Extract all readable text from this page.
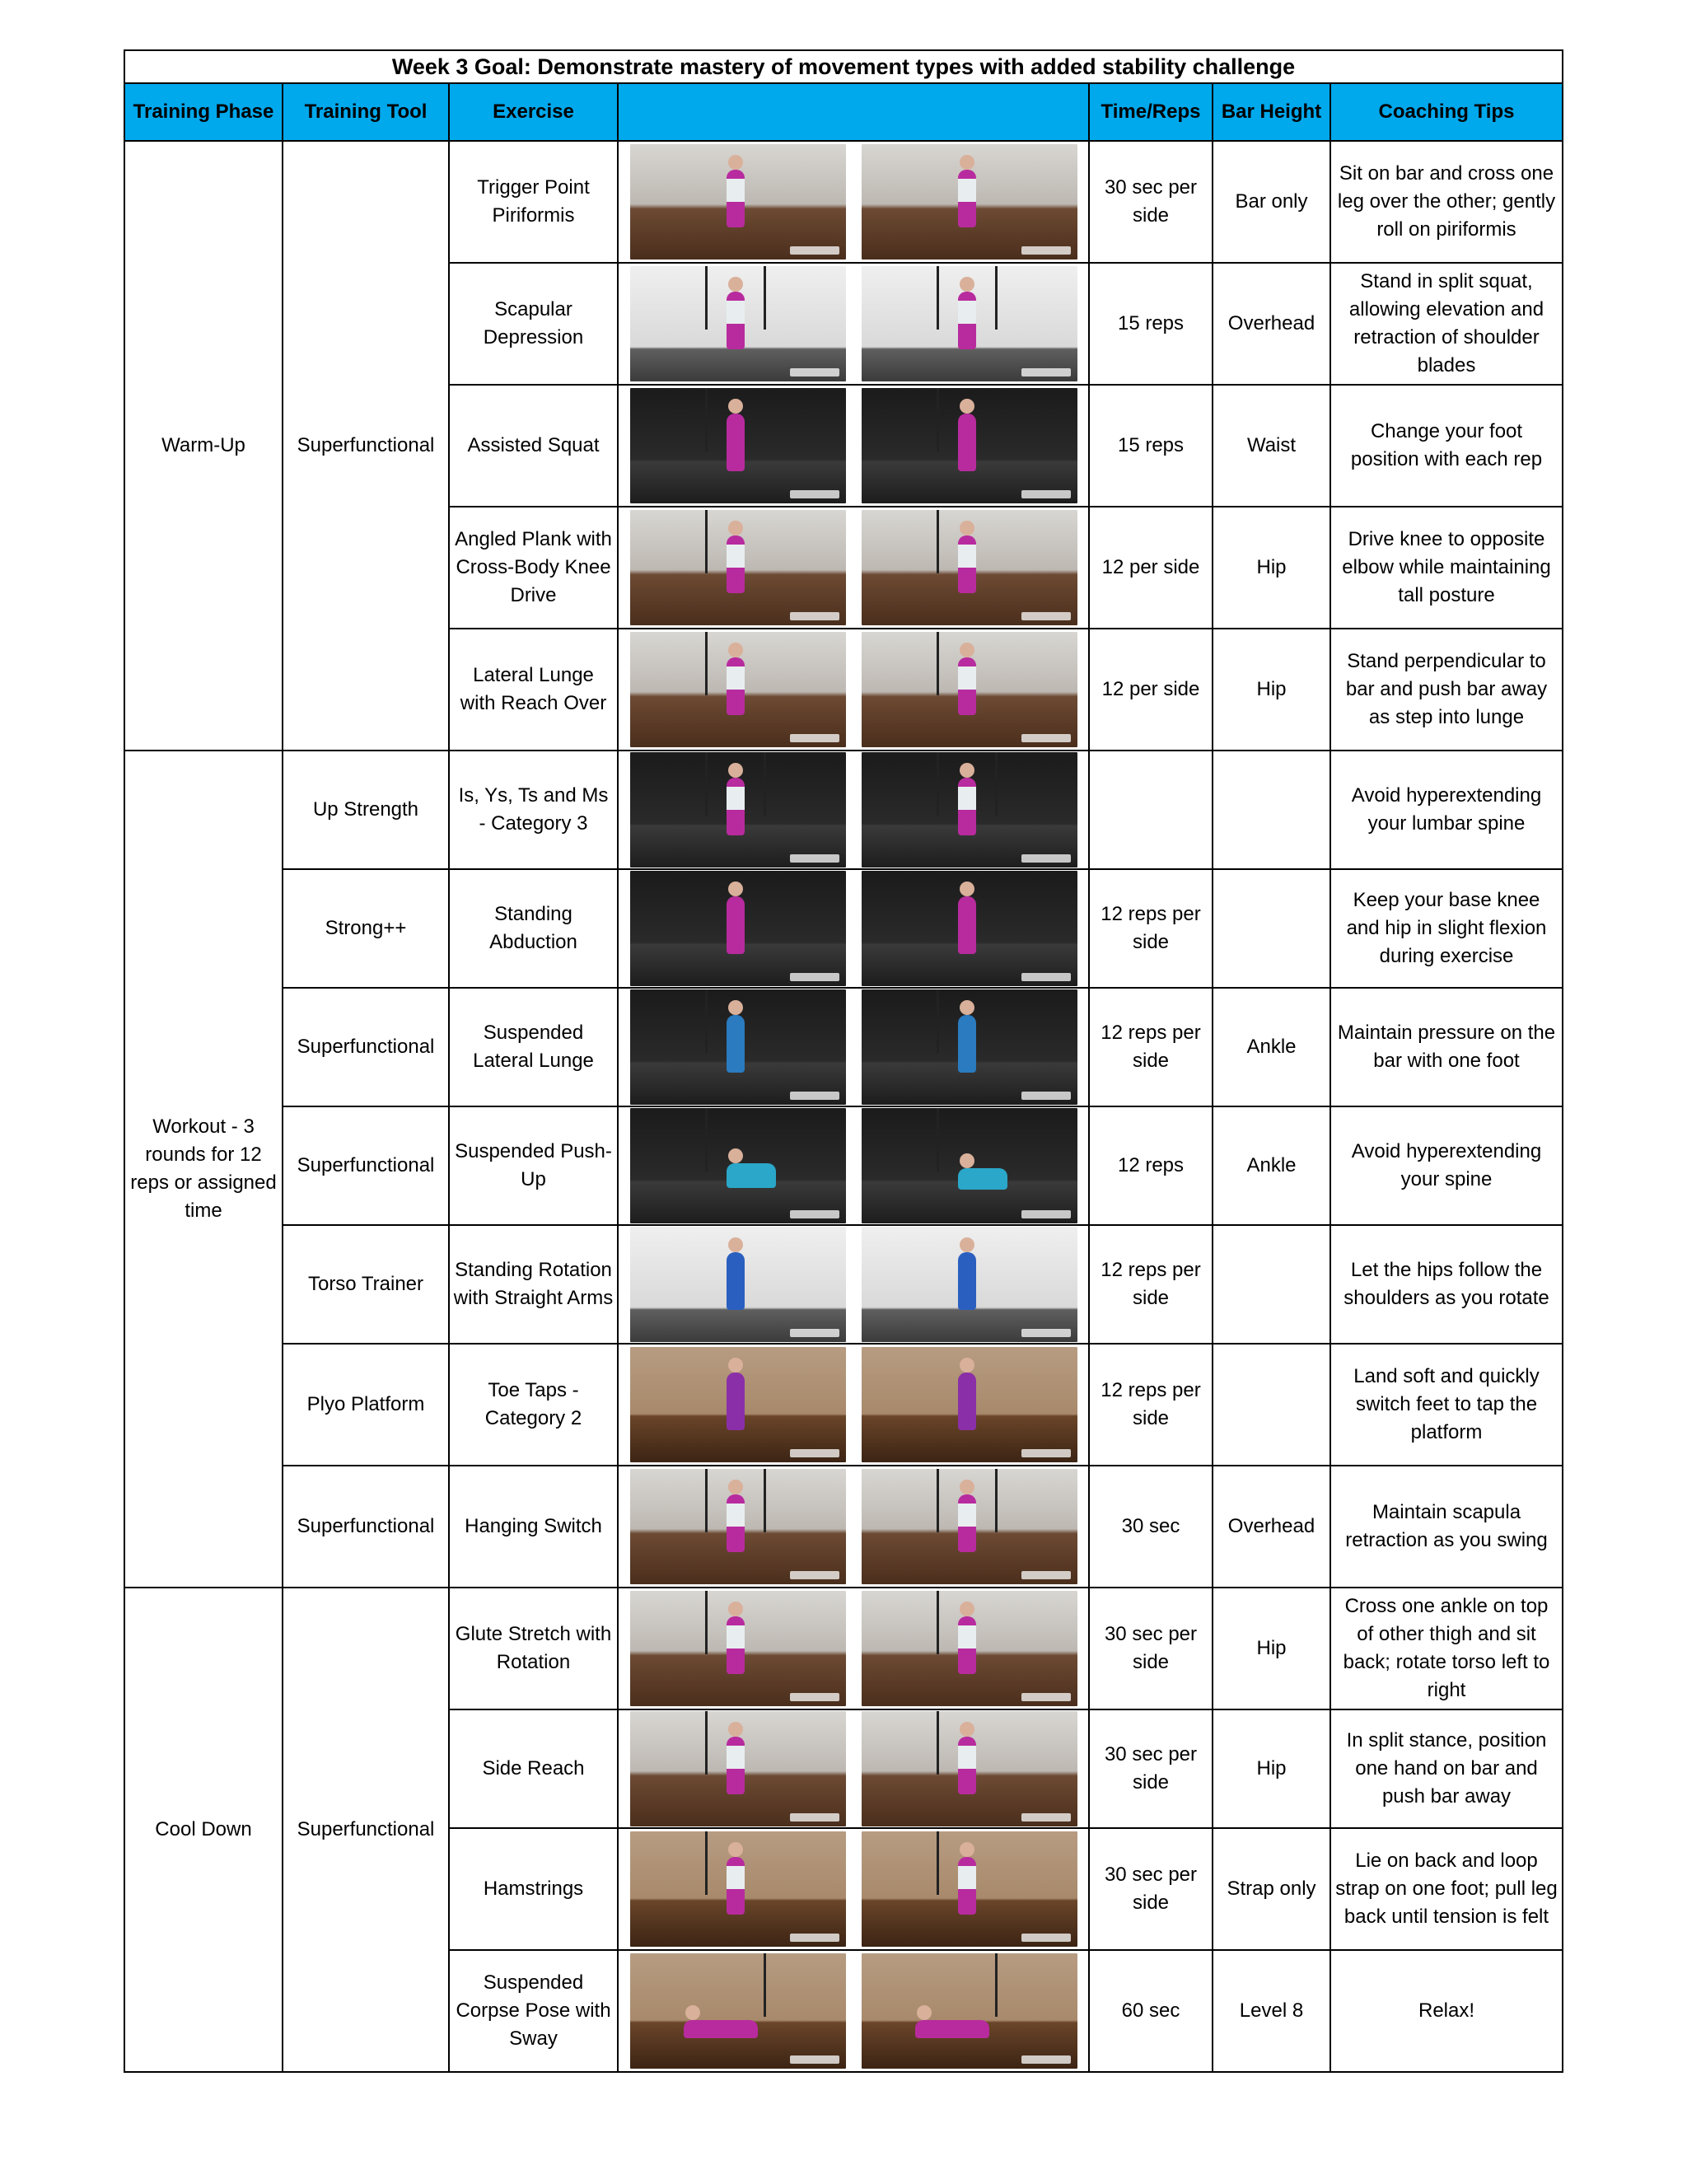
Week 3 Goal: Demonstrate mastery of movement types with added stability challenge						
Training Phase	Training Tool	Exercise		Time/Reps	Bar Height	Coaching Tips
Warm-Up	Superfunctional	Trigger Point Piriformis		30 sec per side	Bar only	Sit on bar and cross one leg over the other; gently roll on piriformis
		Scapular Depression		15 reps	Overhead	Stand in split squat, allowing elevation and retraction of shoulder blades
		Assisted Squat		15 reps	Waist	Change your foot position with each rep
		Angled Plank with Cross-Body Knee Drive		12 per side	Hip	Drive knee to opposite elbow while maintaining tall posture
		Lateral Lunge with Reach Over		12 per side	Hip	Stand perpendicular to bar and push bar away as step into lunge
Workout - 3 rounds for 12 reps or assigned time	Up Strength	Is, Ys, Ts and Ms - Category 3				Avoid hyperextending your lumbar spine
	Strong++	Standing Abduction		12 reps per side		Keep your base knee and hip in slight flexion during exercise
	Superfunctional	Suspended Lateral Lunge		12 reps per side	Ankle	Maintain pressure on the bar with one foot
	Superfunctional	Suspended Push-Up		12 reps	Ankle	Avoid hyperextending your spine
	Torso Trainer	Standing Rotation with Straight Arms		12 reps per side		Let the hips follow the shoulders as you rotate
	Plyo Platform	Toe Taps - Category 2		12 reps per side		Land soft and quickly switch feet to tap the platform
	Superfunctional	Hanging Switch		30 sec	Overhead	Maintain scapula retraction as you swing
Cool Down	Superfunctional	Glute Stretch with Rotation		30 sec per side	Hip	Cross one ankle on top of other thigh and sit back; rotate torso left to right
		Side Reach		30 sec per side	Hip	In split stance, position one hand on bar and push bar away
		Hamstrings		30 sec per side	Strap only	Lie on back and loop strap on one foot; pull leg back until tension is felt
		Suspended Corpse Pose with Sway		60 sec	Level 8	Relax!
